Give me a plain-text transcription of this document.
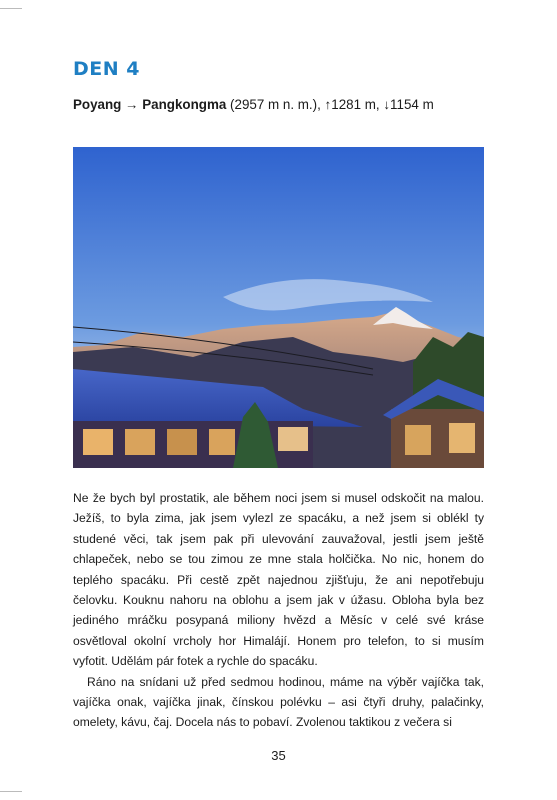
DEN 4
Poyang → Pangkongma (2957 m n. m.), ↑1281 m, ↓1154 m

Ne že bych byl prostatik, ale během noci jsem si musel odskočit na malou. Ježíš, to byla zima, jak jsem vylezl ze spacáku, a než jsem si oblékl ty studené věci, tak jsem pak při ulevování zauvažoval, jestli jsem ještě chlapeček, nebo se tou zimou ze mne stala holčička. No nic, honem do teplého spacáku. Při cestě zpět najednou zjišťuju, že ani nepotřebuju čelovku. Kouknu nahoru na oblohu a jsem jak v úžasu. Obloha byla bez jediného mráčku posypaná miliony hvězd a Měsíc v celé své kráse osvětloval okolní vrcholy hor Himalájí. Honem pro telefon, to si musím vyfotit. Udělám pár fotek a rychle do spacáku.

Ráno na snídani už před sedmou hodinou, máme na výběr vajíčka tak, vajíčka onak, vajíčka jinak, čínskou polévku – asi čtyři druhy, palačinky, omelety, kávu, čaj. Docela nás to pobaví. Zvolenou taktikou z večera si

35
